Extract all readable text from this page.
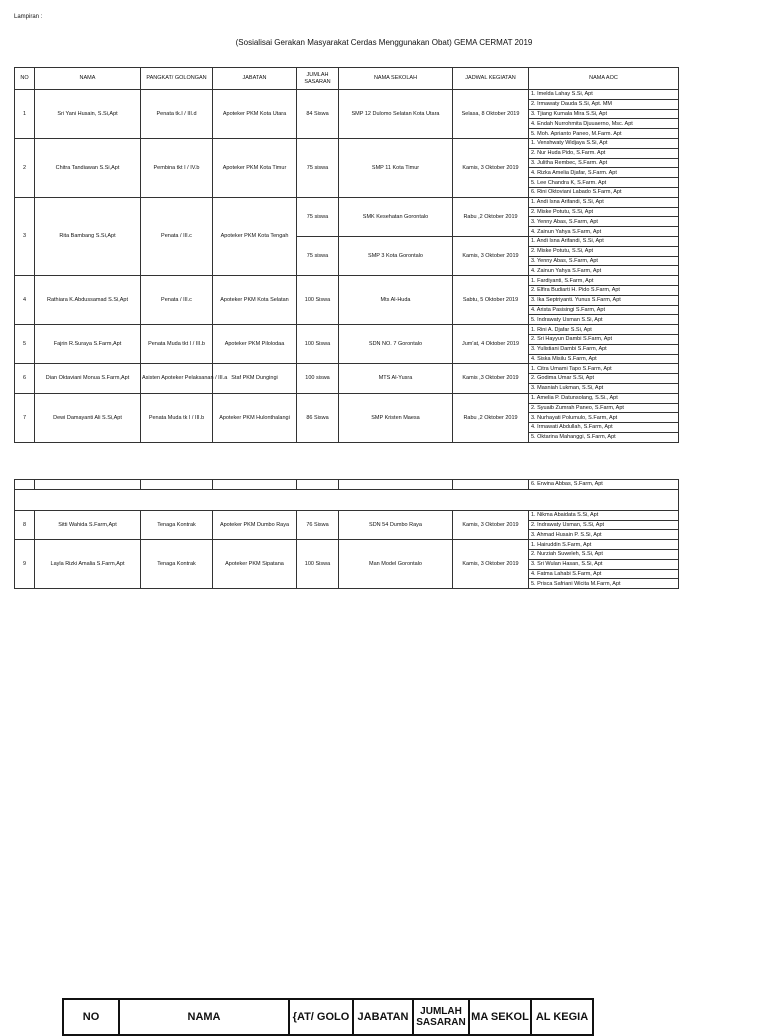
Lampiran :
(Sosialisai Gerakan Masyarakat Cerdas Menggunakan Obat) GEMA CERMAT 2019
NO	NAMA	PANGKAT/ GOLONGAN	JABATAN	JUMLAH SASARAN	NAMA SEKOLAH	JADWAL KEGIATAN	NAMA AOC
1	Sri Yani Husain, S.Si,Apt	Penata tk.I / III.d	Apoteker PKM Kota Utara	84 Siswa	SMP 12 Dulomo Selatan Kota Utara	Selasa, 8 Oktober 2019	1. Imelda Lahay S.Si, Apt
							2. Irmawaty Dauda S.Si, Apt. MM
							3. Tjiang Kumala Mira S.Si, Apt
							4. Endah Nurrohmita Djuuaerno, Msc. Apt
							5. Moh. Aprianto Paneo, M.Farm. Apt
2	Chitra Tandiawan S.Si,Apt	Pembina tkt I / IV.b	Apoteker PKM Kota Timur	75 siswa	SMP 11 Kota Timur	Kamis, 3 Oktober 2019	1. Venshwaty Widjaya S.Si, Apt
							2. Nur Huda Pido, S.Farm. Apt
							3. Julitha Rembec, S.Farm. Apt
							4. Rizka Amelia Djafar, S.Farm. Apt
							5. Lee Chandra K, S.Farm. Apt
							6. Rini Oktoviani Labado S.Farm, Apt
3	Rita Bambang S.Si,Apt	Penata / III.c	Apoteker PKM Kota Tengah	75 siswa	SMK Kesehatan Gorontalo	Rabu ,2 Oktober 2019	1. Andi Isna Arifandi, S.Si, Apt
							2. Miske Potutu, S.Si, Apt
							3. Yenny Abas, S.Farm, Apt
							4. Zainun Yahya S.Farm, Apt
				75 siswa	SMP 3 Kota Gorontalo	Kamis, 3 Oktober 2019	1. Andi Isna Arifandi, S.Si, Apt
							2. Miske Potutu, S.Si, Apt
							3. Yenny Abas, S.Farm, Apt
							4. Zainun Yahya S.Farm, Apt
4	Rathiara K.Abdussamad S.Si,Apt	Penata / III.c	Apoteker PKM Kota Selatan	100 Siswa	Mts Al-Huda	Sabtu, 5 Oktober 2019	1. Fardiyanti, S.Farm, Apt
							2. Elfira Budiarti H. Pido S.Farm, Apt
							3. Ika Septriyanti. Yunus S.Farm, Apt
							4. Arista Pasisingi S.Farm, Apt
							5. Indrawaty Usman S.Si, Apt
5	Fajrin R.Suraya S.Farm,Apt	Penata Muda tkt I / III.b	Apoteker PKM Pilolodaa	100 Siswa	SDN NO. 7 Gorontalo	Jum'at, 4 Oktober 2019	1. Rini A. Djafar S.Si, Apt
							2. Sri Hayyun Dambi S.Farm, Apt
							3. Yulistiani Dambi S.Farm, Apt
							4. Siska Misilu S.Farm, Apt
6	Dian Oktaviani Monua S.Farm,Apt	Asisten Apoteker Pelaksanan / III.a	Staf PKM Dungingi	100 siswa	MTS Al-Yusra	Kamis ,3 Oktober 2019	1. Citra Umami Tapo S.Farm, Apt
							2. Godima Umar S.Si, Apt
							3. Masniah Lukman, S.Si, Apt
7	Dewi Damayanti Ali S.Si,Apt	Penata Muda tk I / III.b	Apoteker PKM Hulonthalangi	86 Siswa	SMP Kristen Maesa	Rabu ,2 Oktober 2019	1. Amelia P. Datunsolang, S.Si., Apt
							2. Syuaib Zumrah Paneo, S.Farm, Apt
							3. Nurhayati Polumulo, S.Farm, Apt
							4. Irmawati Abdullah, S.Farm, Apt
							5. Oktarina Mahanggi, S.Farm, Apt
							6. Erwina Abbas, S.Farm, Apt

8	Sitti Wahida S.Farm,Apt	Tenaga Kontrak	Apoteker PKM Dumbo Raya	76 Siswa	SDN 54 Dumbo Raya	Kamis, 3 Oktober 2019	1. Nikma Abaidata S.Si, Apt
							2. Indrawaty Usman, S.Si, Apt
							3. Ahmad Husain P. S.Si, Apt
9	Layla Rizki Amalia S.Farm,Apt	Tenaga Kontrak	Apoteker PKM Sipatana	100 Siswa	Man Model Gorontalo	Kamis, 3 Oktober 2019	1. Hairuddin S.Farm, Apt
							2. Nurziah Suweleh, S.Si, Apt
							3. Sri Wulan Hasan, S.Si, Apt
							4. Fatma Lahabi S.Farm, Apt
							5. Prisca Safriani Wicita M.Farm, Apt
NO	NAMA	{AT/ GOLO	JABATAN	JUMLAH SASARAN	MA SEKOL	AL KEGIA
